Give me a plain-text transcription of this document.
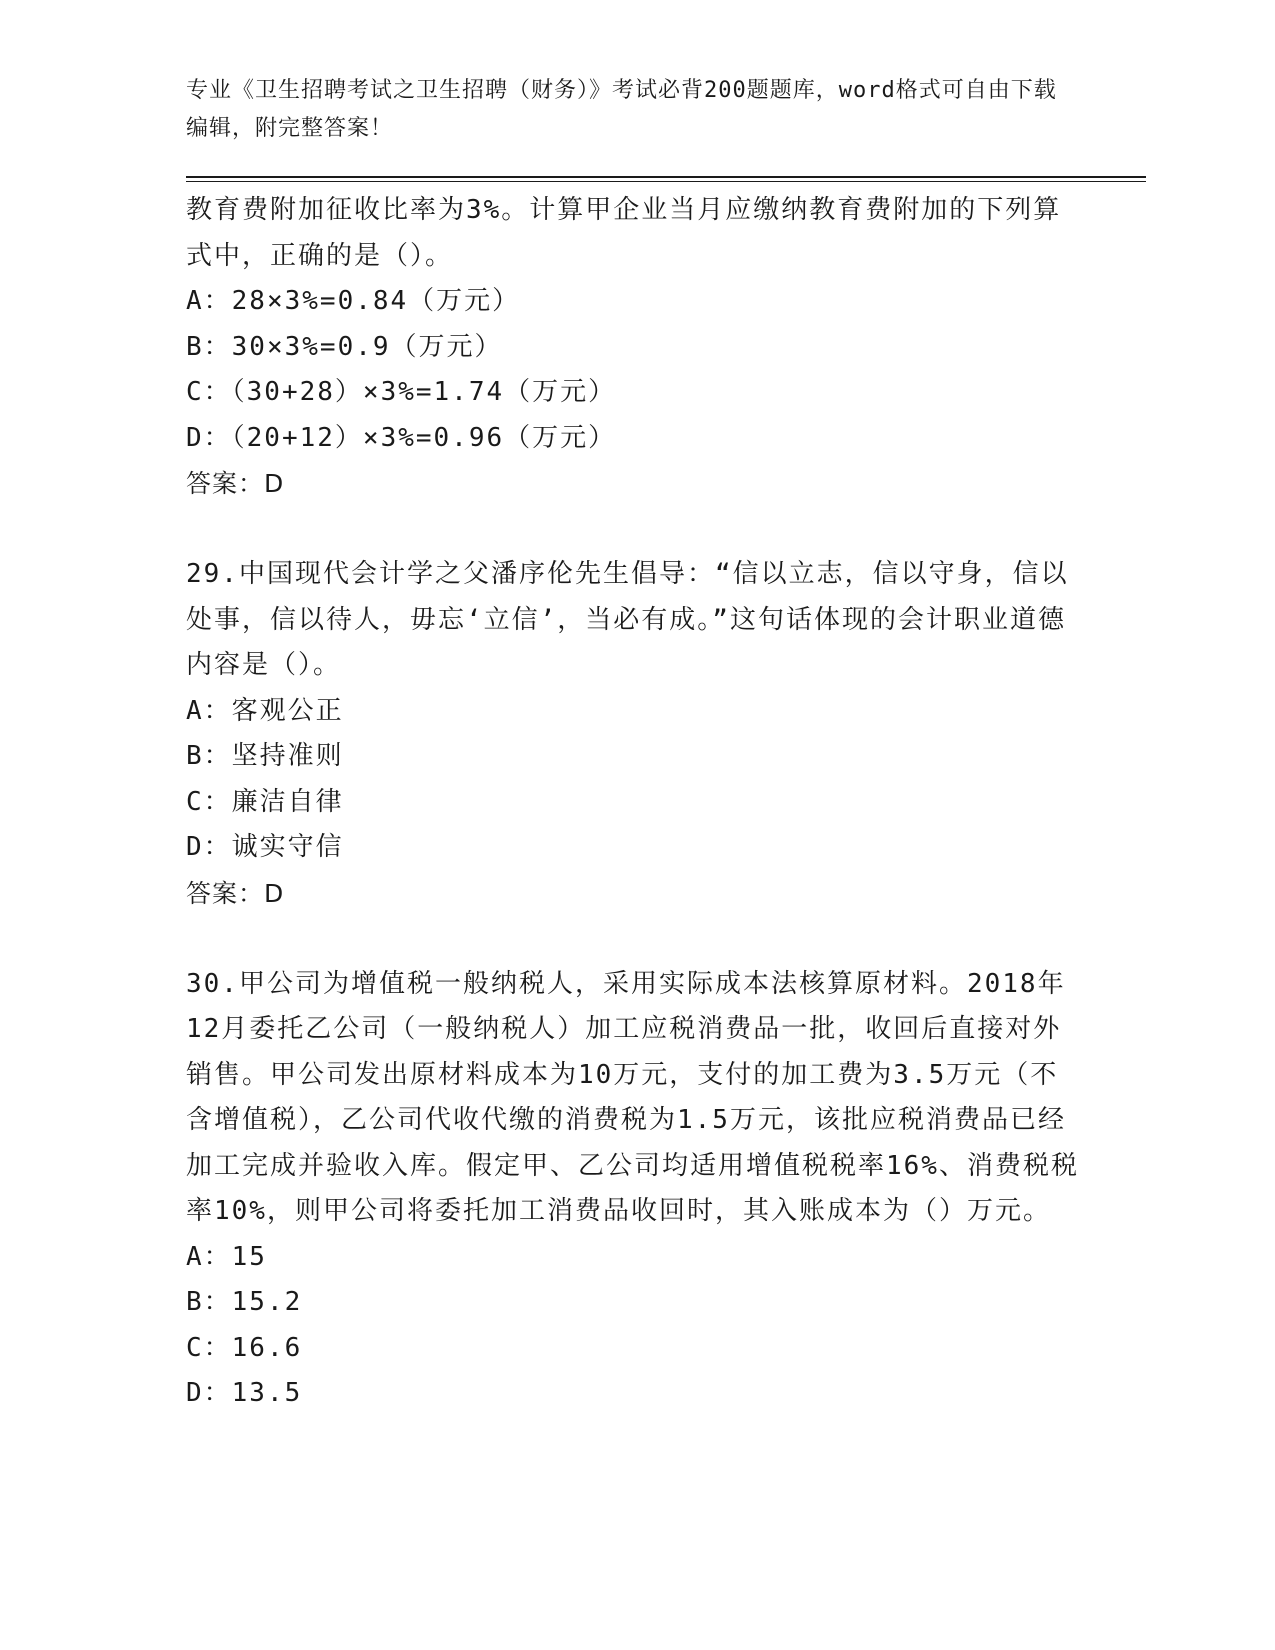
专业《卫生招聘考试之卫生招聘（财务）》考试必背200题题库，word格式可自由下载编辑，附完整答案！

教育费附加征收比率为3%。计算甲企业当月应缴纳教育费附加的下列算式中，正确的是（）。

A：28×3%=0.84（万元）

B：30×3%=0.9（万元）

C：（30+28）×3%=1.74（万元）

D：（20+12）×3%=0.96（万元）

答案：D

29.中国现代会计学之父潘序伦先生倡导：“信以立志，信以守身，信以处事，信以待人，毋忘‘立信’，当必有成。”这句话体现的会计职业道德内容是（）。

A：客观公正

B：坚持准则

C：廉洁自律

D：诚实守信

答案：D

30.甲公司为增值税一般纳税人，采用实际成本法核算原材料。2018年12月委托乙公司（一般纳税人）加工应税消费品一批，收回后直接对外销售。甲公司发出原材料成本为10万元，支付的加工费为3.5万元（不含增值税），乙公司代收代缴的消费税为1.5万元，该批应税消费品已经加工完成并验收入库。假定甲、乙公司均适用增值税税率16%、消费税税率10%，则甲公司将委托加工消费品收回时，其入账成本为（）万元。

A：15

B：15.2

C：16.6

D：13.5
